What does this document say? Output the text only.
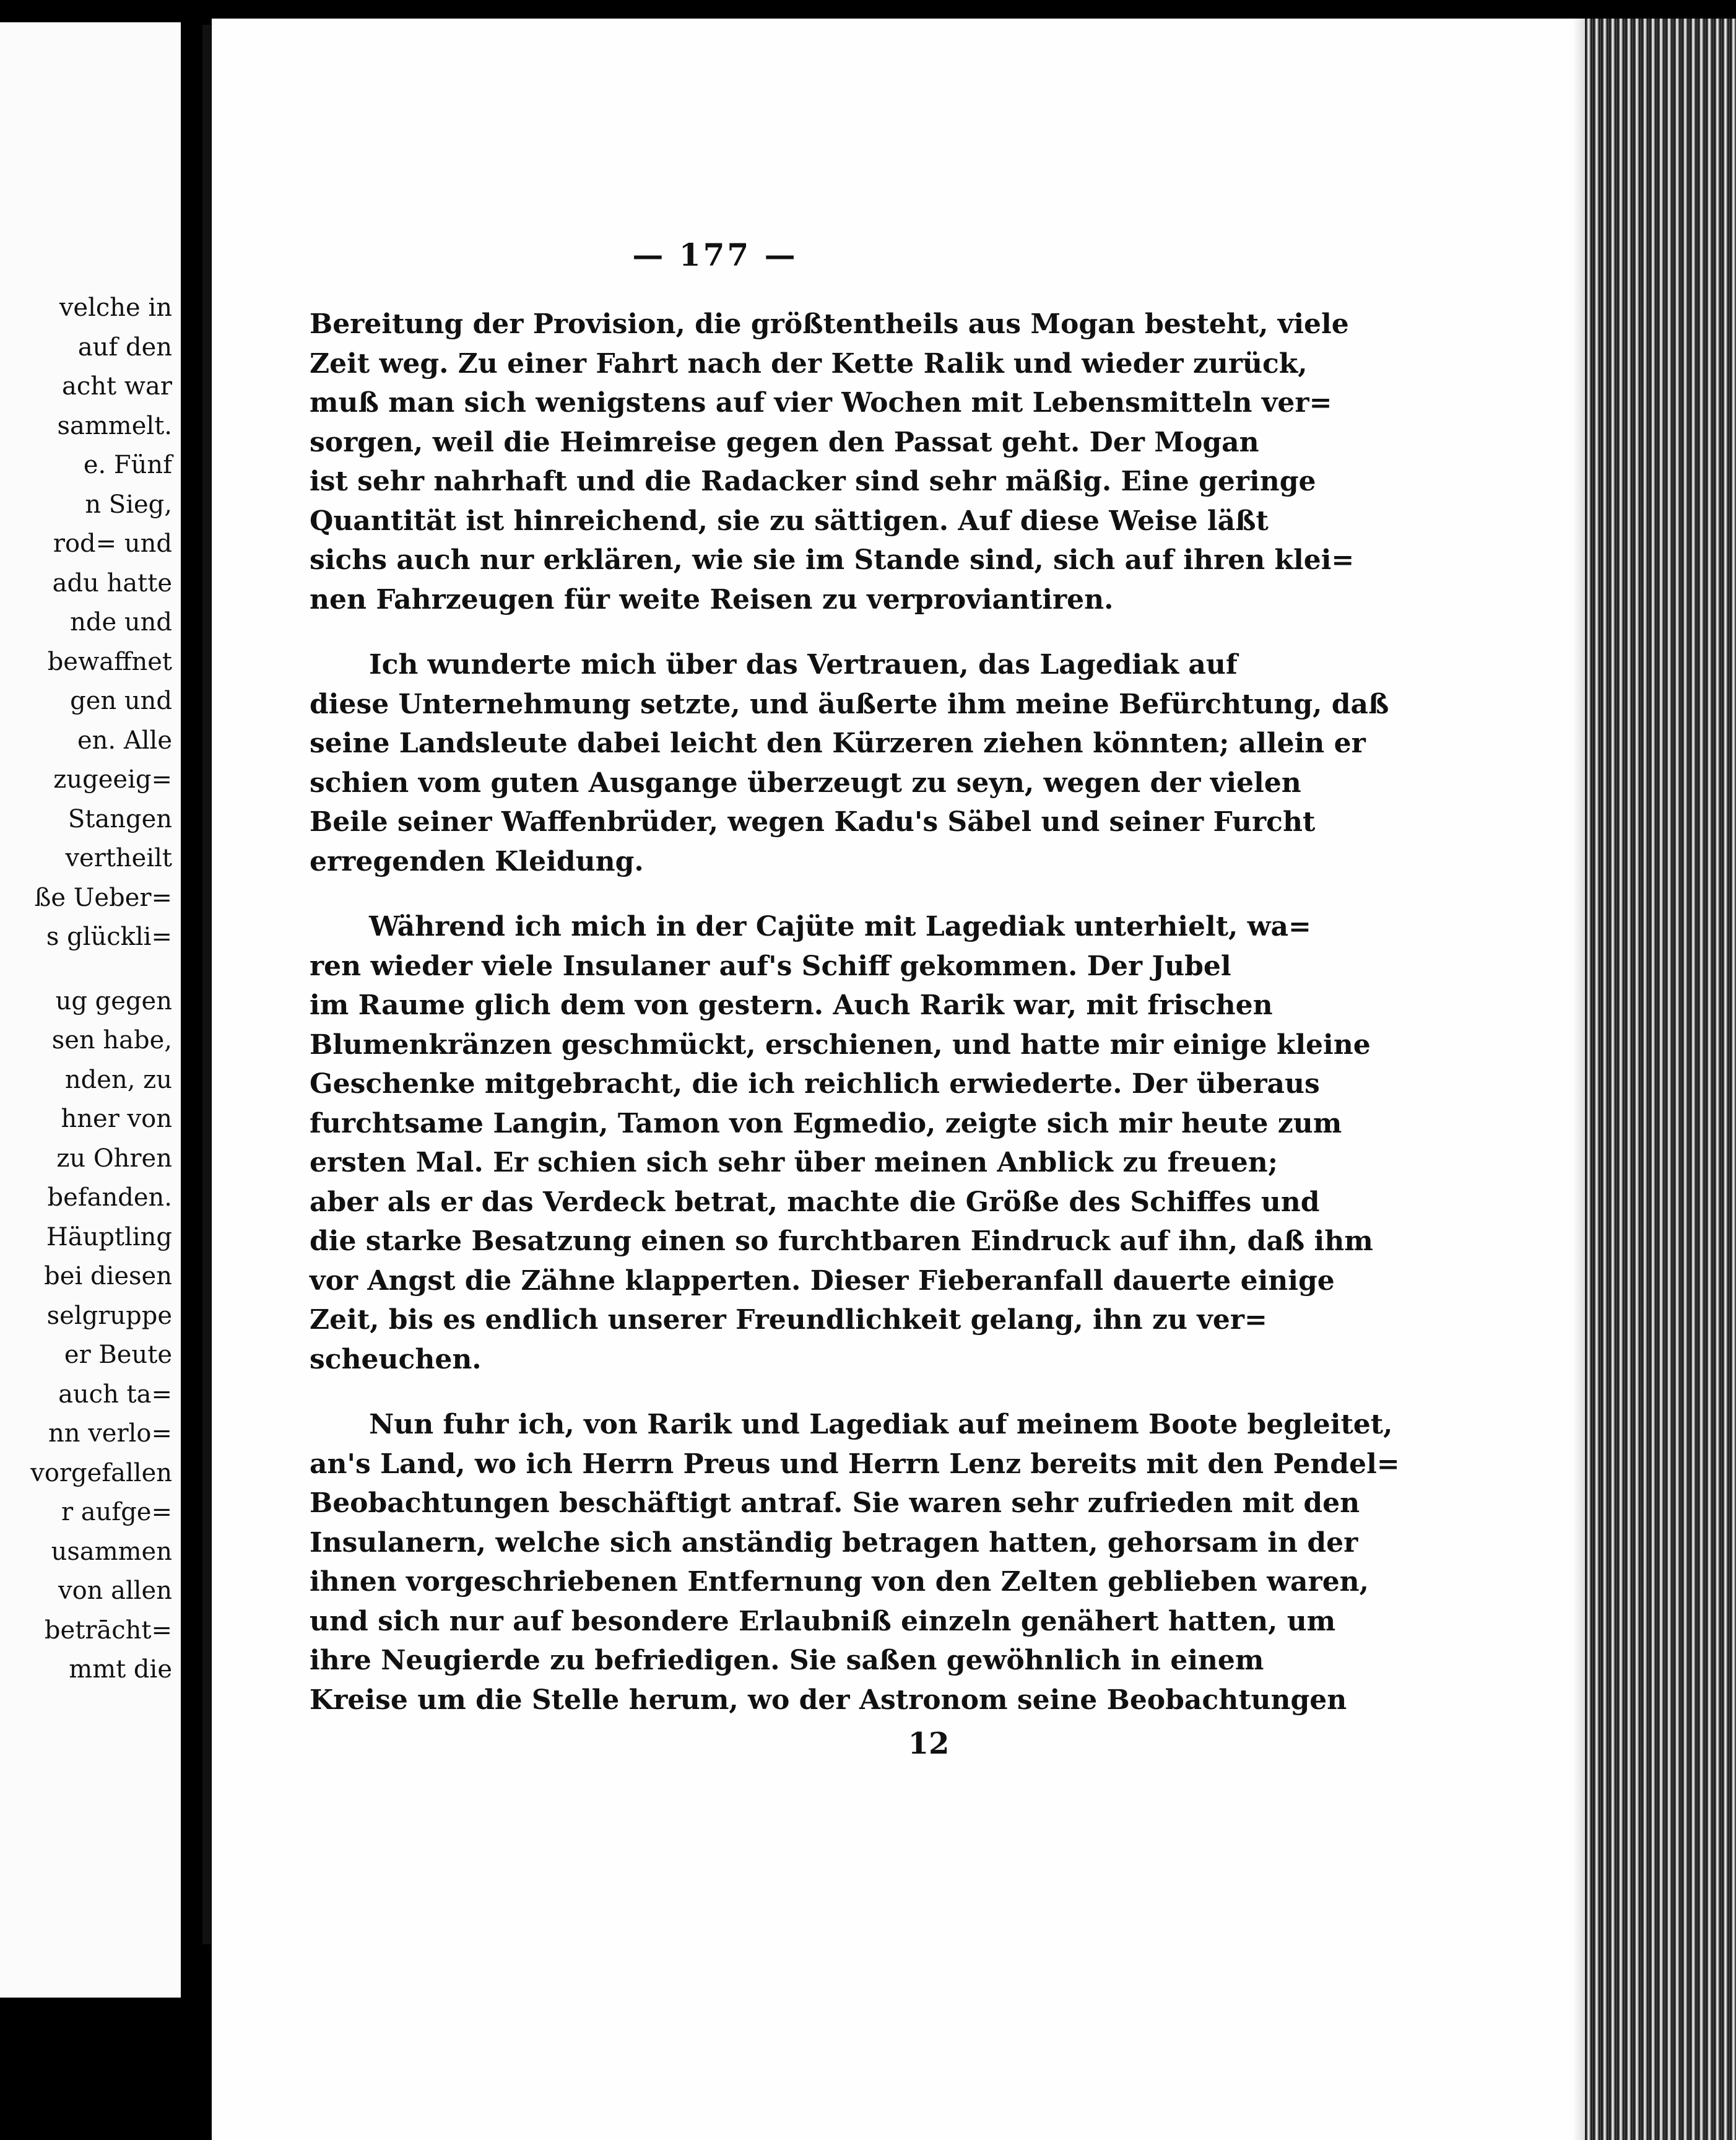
velche in
auf den
acht war
sammelt.
e. Fünf
n Sieg,
rod= und
adu hatte
nde und
bewaffnet
gen und
en. Alle
zugeeig=
Stangen
vertheilt
ße Ueber=
s glückli=
ug gegen
sen habe,
nden, zu
hner von
zu Ohren
befanden.
Häuptling
bei diesen
selgruppe
er Beute
auch ta=
nn verlo=
vorgefallen
r aufge=
usammen
von allen
betrācht=
mmt die
— 177 —
Bereitung der Provision, die größtentheils aus Mogan besteht, viele
Zeit weg. Zu einer Fahrt nach der Kette Ralik und wieder zurück,
muß man sich wenigstens auf vier Wochen mit Lebensmitteln ver=
sorgen, weil die Heimreise gegen den Passat geht. Der Mogan
ist sehr nahrhaft und die Radacker sind sehr mäßig. Eine geringe
Quantität ist hinreichend, sie zu sättigen. Auf diese Weise läßt
sichs auch nur erklären, wie sie im Stande sind, sich auf ihren klei=
nen Fahrzeugen für weite Reisen zu verproviantiren.
Ich wunderte mich über das Vertrauen, das Lagediak auf
diese Unternehmung setzte, und äußerte ihm meine Befürchtung, daß
seine Landsleute dabei leicht den Kürzeren ziehen könnten; allein er
schien vom guten Ausgange überzeugt zu seyn, wegen der vielen
Beile seiner Waffenbrüder, wegen Kadu's Säbel und seiner Furcht
erregenden Kleidung.
Während ich mich in der Cajüte mit Lagediak unterhielt, wa=
ren wieder viele Insulaner auf's Schiff gekommen. Der Jubel
im Raume glich dem von gestern. Auch Rarik war, mit frischen
Blumenkränzen geschmückt, erschienen, und hatte mir einige kleine
Geschenke mitgebracht, die ich reichlich erwiederte. Der überaus
furchtsame Langin, Tamon von Egmedio, zeigte sich mir heute zum
ersten Mal. Er schien sich sehr über meinen Anblick zu freuen;
aber als er das Verdeck betrat, machte die Größe des Schiffes und
die starke Besatzung einen so furchtbaren Eindruck auf ihn, daß ihm
vor Angst die Zähne klapperten. Dieser Fieberanfall dauerte einige
Zeit, bis es endlich unserer Freundlichkeit gelang, ihn zu ver=
scheuchen.
Nun fuhr ich, von Rarik und Lagediak auf meinem Boote begleitet,
an's Land, wo ich Herrn Preus und Herrn Lenz bereits mit den Pendel=
Beobachtungen beschäftigt antraf. Sie waren sehr zufrieden mit den
Insulanern, welche sich anständig betragen hatten, gehorsam in der
ihnen vorgeschriebenen Entfernung von den Zelten geblieben waren,
und sich nur auf besondere Erlaubniß einzeln genähert hatten, um
ihre Neugierde zu befriedigen. Sie saßen gewöhnlich in einem
Kreise um die Stelle herum, wo der Astronom seine Beobachtungen
12
